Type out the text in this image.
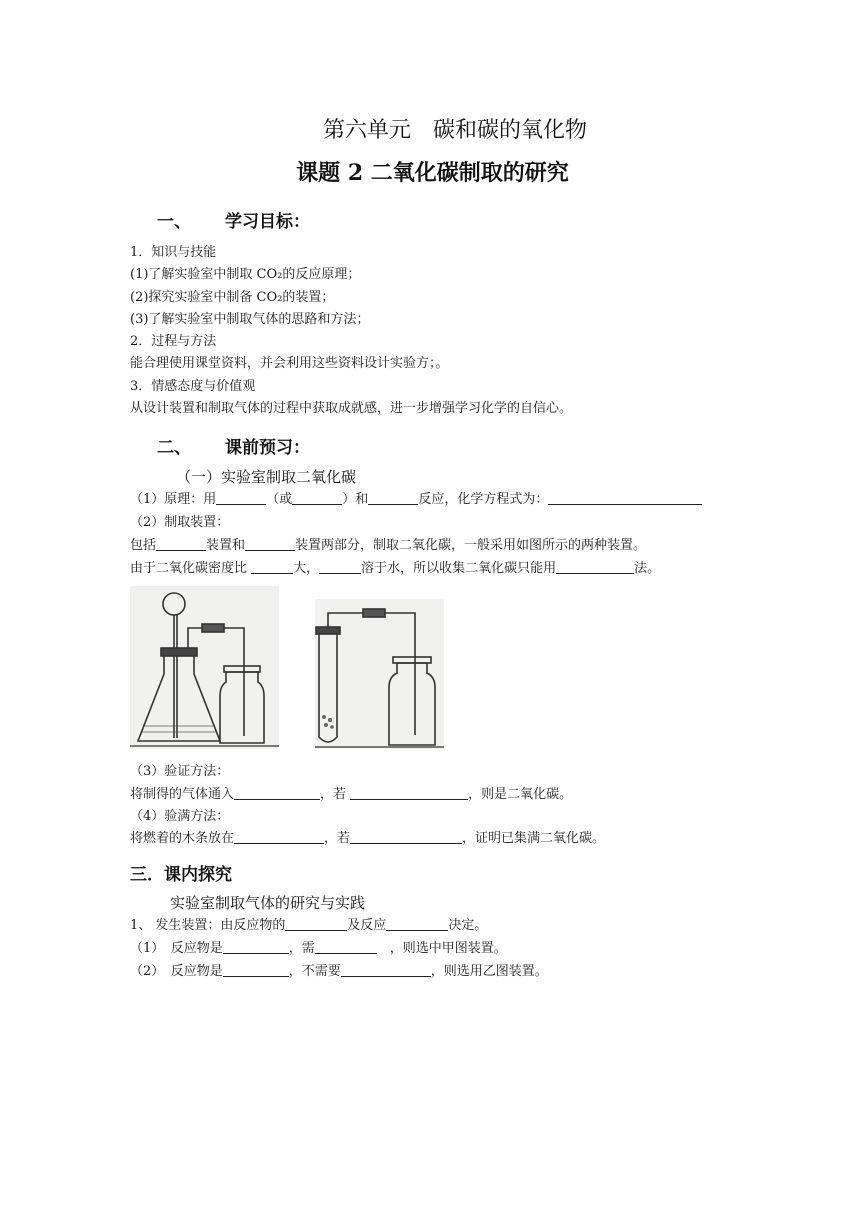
第六单元　碳和碳的氧化物
课题 2 二氧化碳制取的研究
一、 学习目标：
1．知识与技能
(1)了解实验室中制取 CO₂的反应原理；
(2)探究实验室中制备 CO₂的装置；
(3)了解实验室中制取气体的思路和方法；
2．过程与方法
能合理使用课堂资料，并会利用这些资料设计实验方；。
3．情感态度与价值观
从设计装置和制取气体的过程中获取成就感，进一步增强学习化学的自信心。
二、 课前预习：
（一）实验室制取二氧化碳
（1）原理：用	（或	）和	反应，化学方程式为：
（2）制取装置：
包括	装置和	装置两部分，制取二氧化碳，一般采用如图所示的两种装置。
由于二氧化碳密度比	大，	溶于水，所以收集二氧化碳只能用	法。
（3）验证方法：
将制得的气体通入	，若	，则是二氧化碳。
（4）验满方法：
将燃着的木条放在	，若	，证明已集满二氧化碳。
三．课内探究
实验室制取气体的研究与实践
1、 发生装置：由反应物的	及反应	决定。
（1）　反应物是	，需	　，则选中甲图装置。
（2）　反应物是	，不需要	，则选用乙图装置。
